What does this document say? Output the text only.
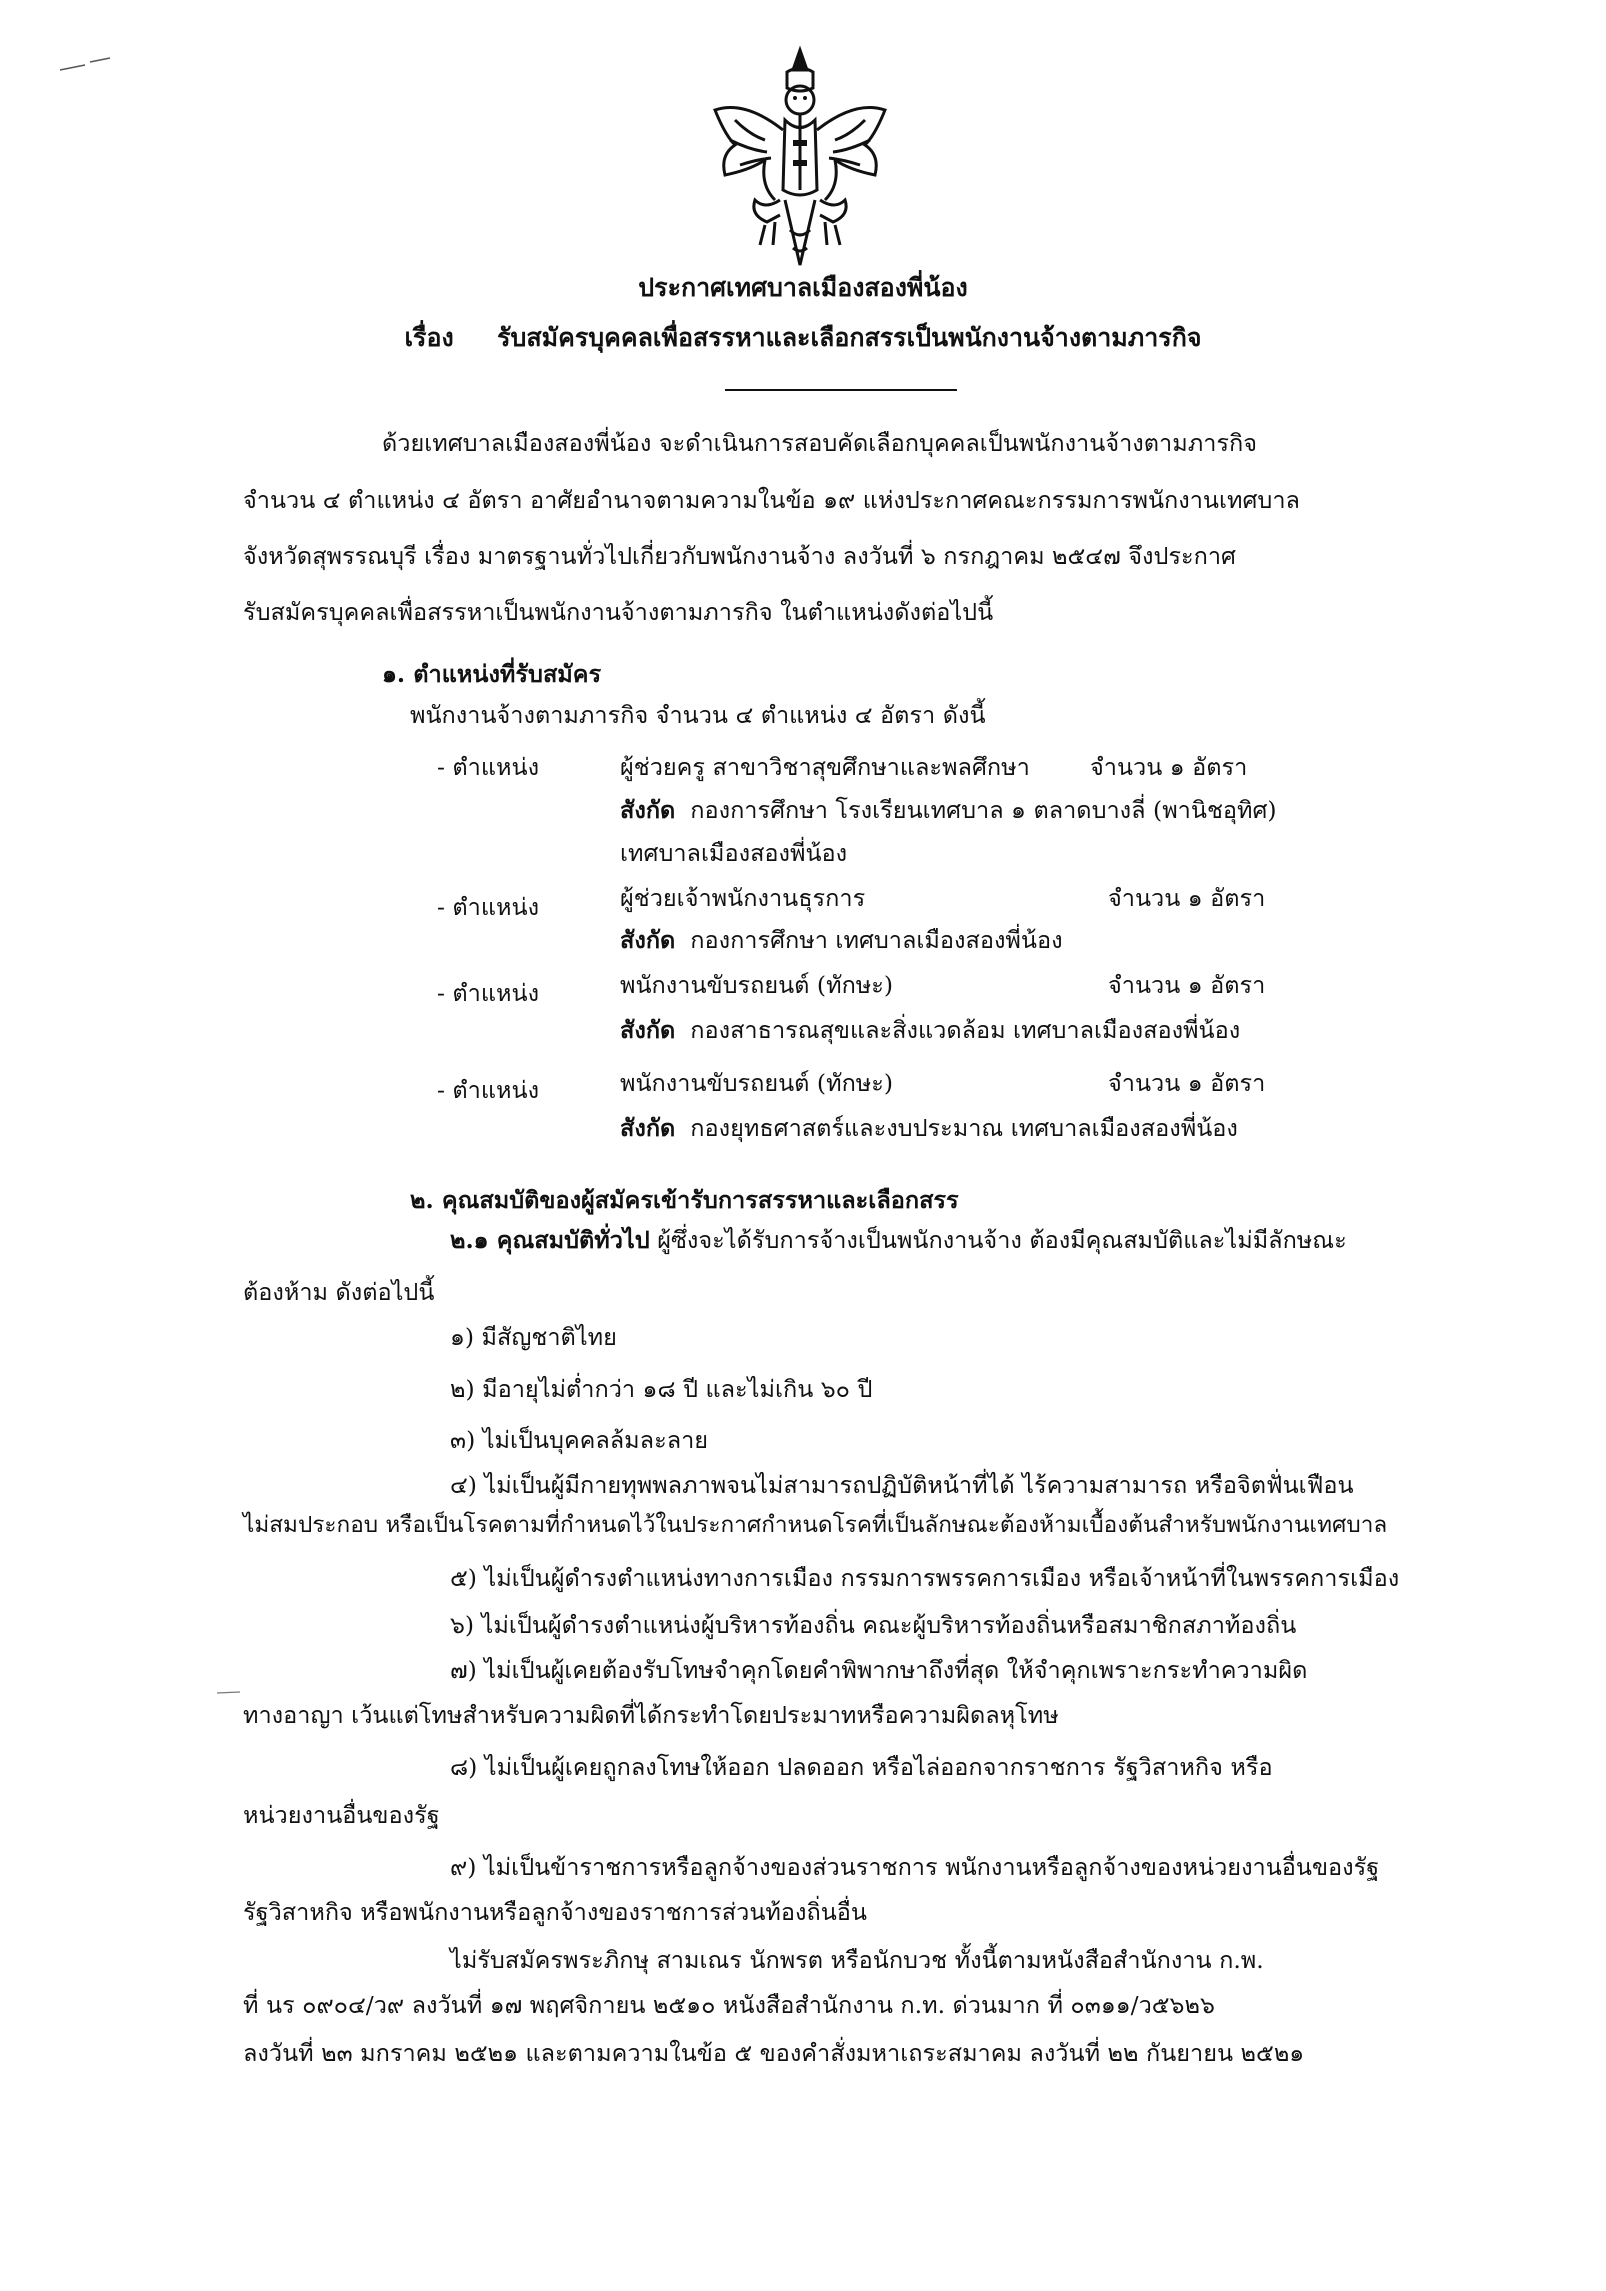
ประกาศเทศบาลเมืองสองพี่น้อง
เรื่อง รับสมัครบุคคลเพื่อสรรหาและเลือกสรรเป็นพนักงานจ้างตามภารกิจ
ด้วยเทศบาลเมืองสองพี่น้อง จะดำเนินการสอบคัดเลือกบุคคลเป็นพนักงานจ้างตามภารกิจ
จำนวน ๔ ตำแหน่ง ๔ อัตรา อาศัยอำนาจตามความในข้อ ๑๙ แห่งประกาศคณะกรรมการพนักงานเทศบาล
จังหวัดสุพรรณบุรี เรื่อง มาตรฐานทั่วไปเกี่ยวกับพนักงานจ้าง ลงวันที่ ๖ กรกฎาคม ๒๕๔๗ จึงประกาศ
รับสมัครบุคคลเพื่อสรรหาเป็นพนักงานจ้างตามภารกิจ ในตำแหน่งดังต่อไปนี้
๑. ตำแหน่งที่รับสมัคร
พนักงานจ้างตามภารกิจ จำนวน ๔ ตำแหน่ง ๔ อัตรา ดังนี้
- ตำแหน่ง	ผู้ช่วยครู สาขาวิชาสุขศึกษาและพลศึกษา	จำนวน ๑ อัตรา
สังกัด กองการศึกษา โรงเรียนเทศบาล ๑ ตลาดบางลี่ (พานิชอุทิศ)
เทศบาลเมืองสองพี่น้อง
- ตำแหน่ง	ผู้ช่วยเจ้าพนักงานธุรการ	จำนวน ๑ อัตรา
สังกัด กองการศึกษา เทศบาลเมืองสองพี่น้อง
- ตำแหน่ง	พนักงานขับรถยนต์ (ทักษะ)	จำนวน ๑ อัตรา
สังกัด กองสาธารณสุขและสิ่งแวดล้อม เทศบาลเมืองสองพี่น้อง
- ตำแหน่ง	พนักงานขับรถยนต์ (ทักษะ)	จำนวน ๑ อัตรา
สังกัด กองยุทธศาสตร์และงบประมาณ เทศบาลเมืองสองพี่น้อง
๒. คุณสมบัติของผู้สมัครเข้ารับการสรรหาและเลือกสรร
๒.๑ คุณสมบัติทั่วไป ผู้ซึ่งจะได้รับการจ้างเป็นพนักงานจ้าง ต้องมีคุณสมบัติและไม่มีลักษณะ
ต้องห้าม ดังต่อไปนี้
๑) มีสัญชาติไทย
๒) มีอายุไม่ต่ำกว่า ๑๘ ปี และไม่เกิน ๖๐ ปี
๓) ไม่เป็นบุคคลล้มละลาย
๔) ไม่เป็นผู้มีกายทุพพลภาพจนไม่สามารถปฏิบัติหน้าที่ได้ ไร้ความสามารถ หรือจิตฟั่นเฟือน
ไม่สมประกอบ หรือเป็นโรคตามที่กำหนดไว้ในประกาศกำหนดโรคที่เป็นลักษณะต้องห้ามเบื้องต้นสำหรับพนักงานเทศบาล
๕) ไม่เป็นผู้ดำรงตำแหน่งทางการเมือง กรรมการพรรคการเมือง หรือเจ้าหน้าที่ในพรรคการเมือง
๖) ไม่เป็นผู้ดำรงตำแหน่งผู้บริหารท้องถิ่น คณะผู้บริหารท้องถิ่นหรือสมาชิกสภาท้องถิ่น
๗) ไม่เป็นผู้เคยต้องรับโทษจำคุกโดยคำพิพากษาถึงที่สุด ให้จำคุกเพราะกระทำความผิด
ทางอาญา เว้นแต่โทษสำหรับความผิดที่ได้กระทำโดยประมาทหรือความผิดลหุโทษ
๘) ไม่เป็นผู้เคยถูกลงโทษให้ออก ปลดออก หรือไล่ออกจากราชการ รัฐวิสาหกิจ หรือ
หน่วยงานอื่นของรัฐ
๙) ไม่เป็นข้าราชการหรือลูกจ้างของส่วนราชการ พนักงานหรือลูกจ้างของหน่วยงานอื่นของรัฐ
รัฐวิสาหกิจ หรือพนักงานหรือลูกจ้างของราชการส่วนท้องถิ่นอื่น
ไม่รับสมัครพระภิกษุ สามเณร นักพรต หรือนักบวช ทั้งนี้ตามหนังสือสำนักงาน ก.พ.
ที่ นร ๐๙๐๔/ว๙ ลงวันที่ ๑๗ พฤศจิกายน ๒๕๑๐ หนังสือสำนักงาน ก.ท. ด่วนมาก ที่ ๐๓๑๑/ว๕๖๒๖
ลงวันที่ ๒๓ มกราคม ๒๕๒๑ และตามความในข้อ ๕ ของคำสั่งมหาเถระสมาคม ลงวันที่ ๒๒ กันยายน ๒๕๒๑
